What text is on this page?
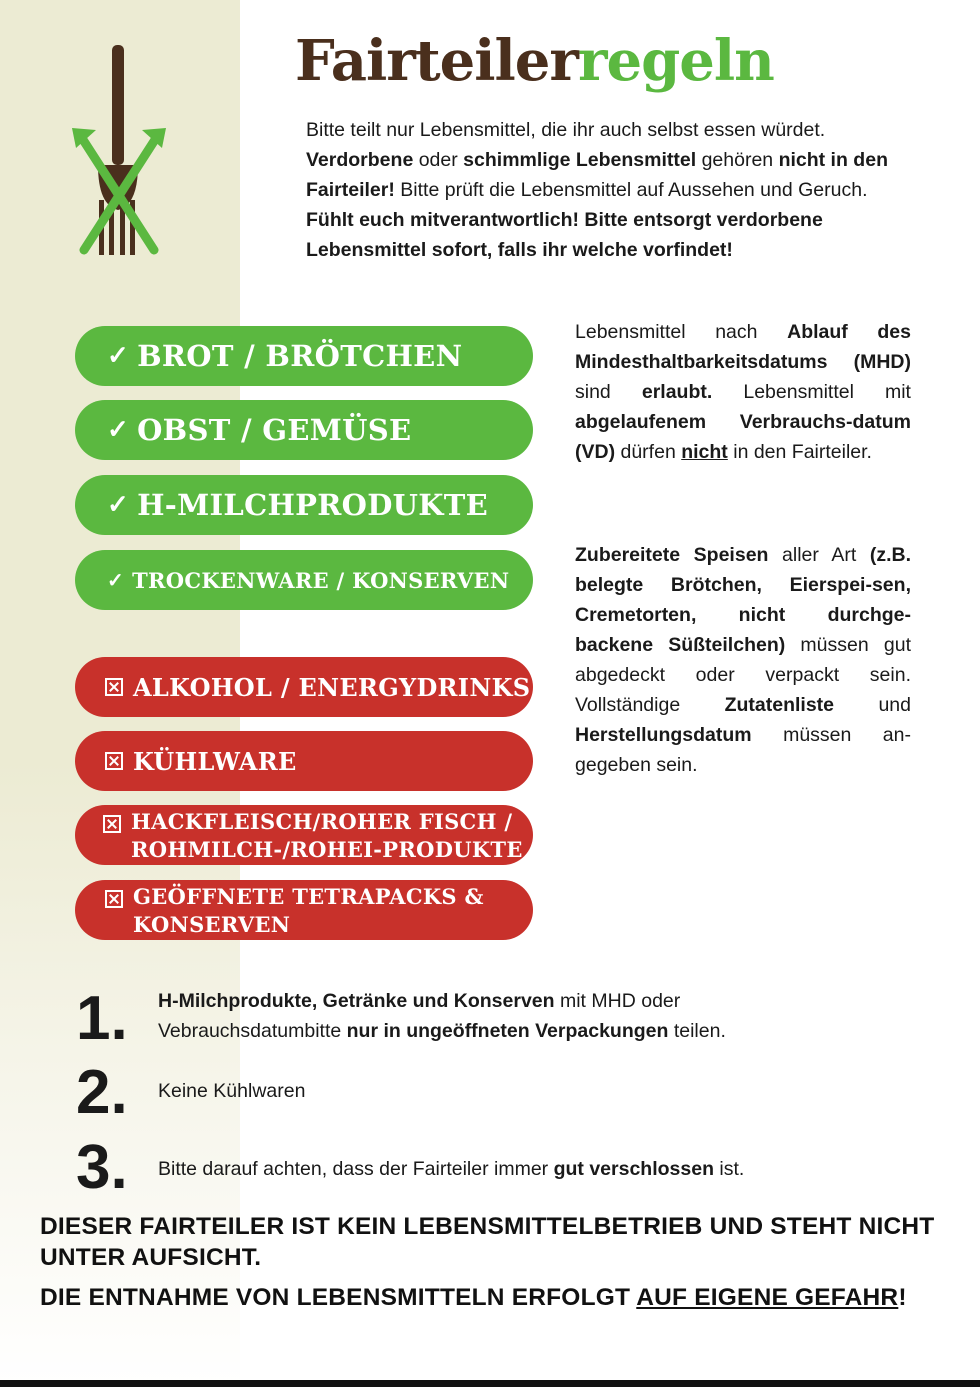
Fairteilerregeln

Bitte teilt nur Lebensmittel, die ihr auch selbst essen würdet. Verdorbene oder schimmlige Lebensmittel gehören nicht in den Fairteiler! Bitte prüft die Lebensmittel auf Aussehen und Geruch. Fühlt euch mitverantwortlich! Bitte entsorgt verdorbene Lebensmittel sofort, falls ihr welche vorfindet!

✓ BROT / BRÖTCHEN
✓ OBST / GEMÜSE
✓ H-MILCHPRODUKTE
✓ TROCKENWARE / KONSERVEN
ALKOHOL / ENERGYDRINKS
KÜHLWARE
HACKFLEISCH/ROHER FISCH /
ROHMILCH-/ROHEI-PRODUKTE
GEÖFFNETE TETRAPACKS &
KONSERVEN

Lebensmittel nach Ablauf des Mindesthaltbarkeitsdatums (MHD) sind erlaubt. Lebensmittel mit abgelaufenem Verbrauchs-datum (VD) dürfen nicht in den Fairteiler.

Zubereitete Speisen aller Art (z.B. belegte Brötchen, Eierspei-sen, Cremetorten, nicht durchge-backene Süßteilchen) müssen gut abgedeckt oder verpackt sein. Vollständige Zutatenliste und Herstellungsdatum müssen an-gegeben sein.

1. H-Milchprodukte, Getränke und Konserven mit MHD oder Vebrauchsdatumbitte nur in ungeöffneten Verpackungen teilen.

2. Keine Kühlwaren

3. Bitte darauf achten, dass der Fairteiler immer gut verschlossen ist.

DIESER FAIRTEILER IST KEIN LEBENSMITTELBETRIEB UND STEHT NICHT UNTER AUFSICHT.

DIE ENTNAHME VON LEBENSMITTELN ERFOLGT AUF EIGENE GEFAHR!
